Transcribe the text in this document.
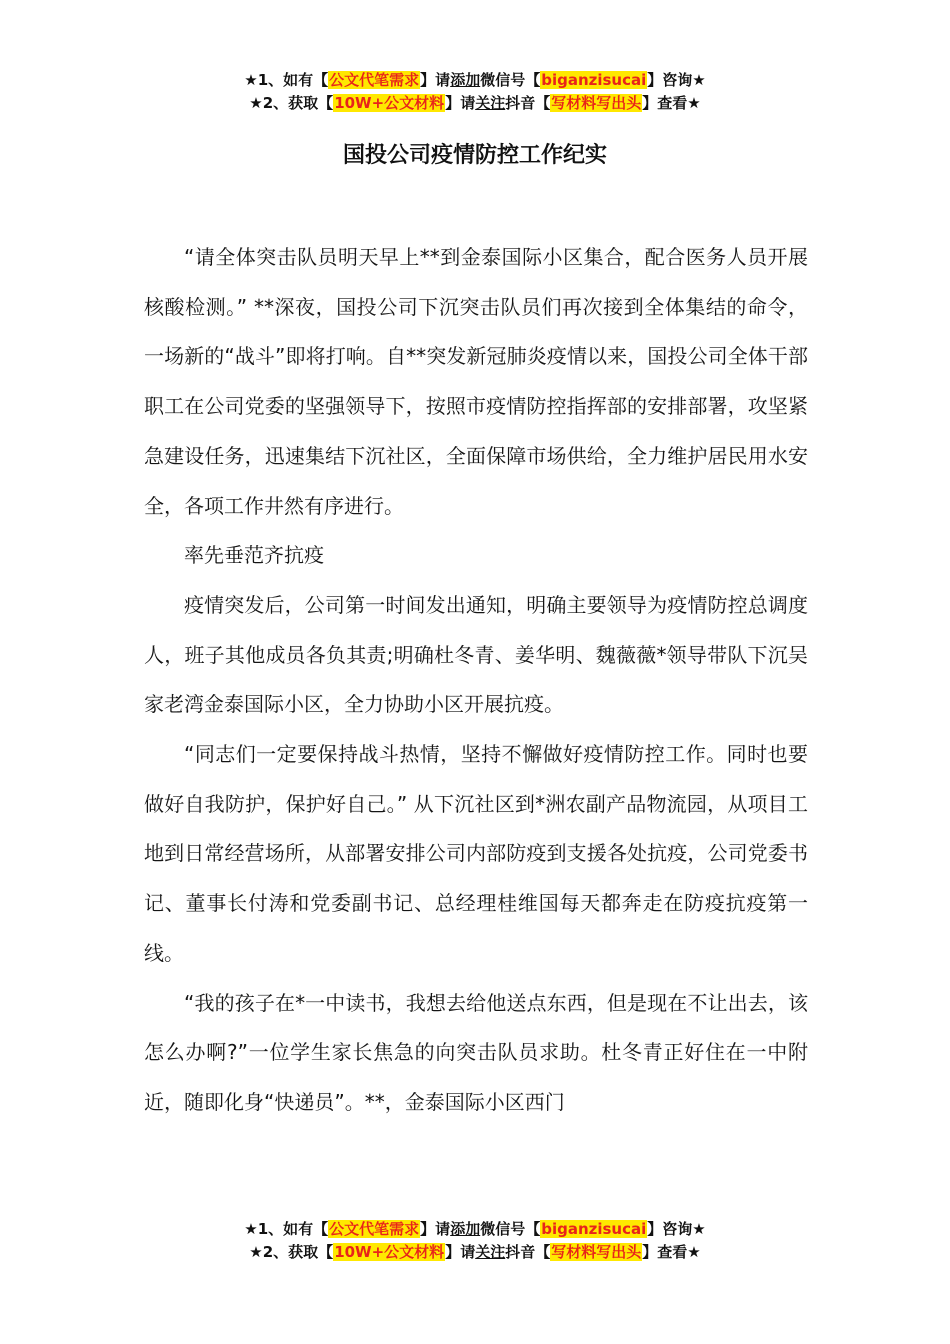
★1、如有【公文代笔需求】请添加微信号【biganzisucai】咨询★
★2、获取【10W+公文材料】请关注抖音【写材料写出头】查看★
国投公司疫情防控工作纪实

“请全体突击队员明天早上**到金泰国际小区集合，配合医务人员开展核酸检测。” **深夜，国投公司下沉突击队员们再次接到全体集结的命令，一场新的“战斗”即将打响。自**突发新冠肺炎疫情以来，国投公司全体干部职工在公司党委的坚强领导下，按照市疫情防控指挥部的安排部署，攻坚紧急建设任务，迅速集结下沉社区，全面保障市场供给，全力维护居民用水安全，各项工作井然有序进行。

率先垂范齐抗疫

疫情突发后，公司第一时间发出通知，明确主要领导为疫情防控总调度人，班子其他成员各负其责;明确杜冬青、姜华明、魏薇薇*领导带队下沉吴家老湾金泰国际小区，全力协助小区开展抗疫。

“同志们一定要保持战斗热情，坚持不懈做好疫情防控工作。同时也要做好自我防护，保护好自己。” 从下沉社区到*洲农副产品物流园，从项目工地到日常经营场所，从部署安排公司内部防疫到支援各处抗疫，公司党委书记、董事长付涛和党委副书记、总经理桂维国每天都奔走在防疫抗疫第一线。

“我的孩子在*一中读书，我想去给他送点东西，但是现在不让出去，该怎么办啊?”一位学生家长焦急的向突击队员求助。杜冬青正好住在一中附近，随即化身“快递员”。**，金泰国际小区西门

★1、如有【公文代笔需求】请添加微信号【biganzisucai】咨询★
★2、获取【10W+公文材料】请关注抖音【写材料写出头】查看★
